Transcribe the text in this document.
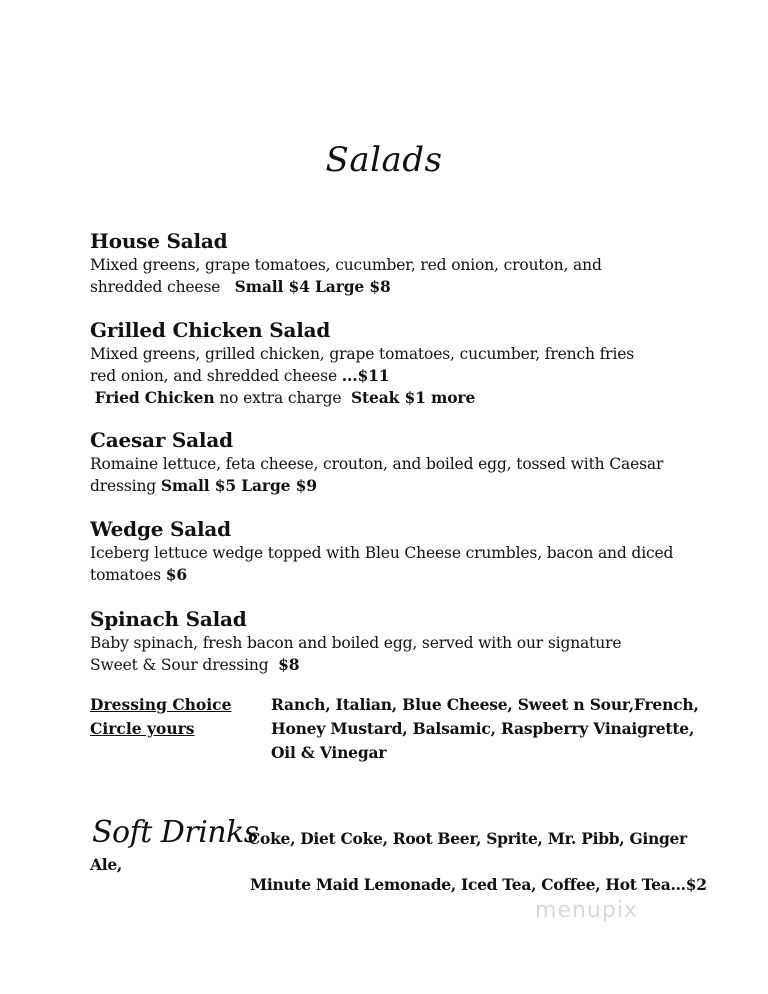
Salads
House Salad
Mixed greens, grape tomatoes, cucumber, red onion, crouton, and
shredded cheese Small $4 Large $8
Grilled Chicken Salad
Mixed greens, grilled chicken, grape tomatoes, cucumber, french fries
red onion, and shredded cheese ...$11
Fried Chicken no extra charge Steak $1 more
Caesar Salad
Romaine lettuce, feta cheese, crouton, and boiled egg, tossed with Caesar
dressing Small $5 Large $9
Wedge Salad
Iceberg lettuce wedge topped with Bleu Cheese crumbles, bacon and diced
tomatoes $6
Spinach Salad
Baby spinach, fresh bacon and boiled egg, served with our signature
Sweet & Sour dressing $8
Dressing Choice
Circle yours
Ranch, Italian, Blue Cheese, Sweet n Sour,French,
Honey Mustard, Balsamic, Raspberry Vinaigrette,
Oil & Vinegar
Soft Drinks
Coke, Diet Coke, Root Beer, Sprite, Mr. Pibb, Ginger
Ale,
Minute Maid Lemonade, Iced Tea, Coffee, Hot Tea...$2
menupix
